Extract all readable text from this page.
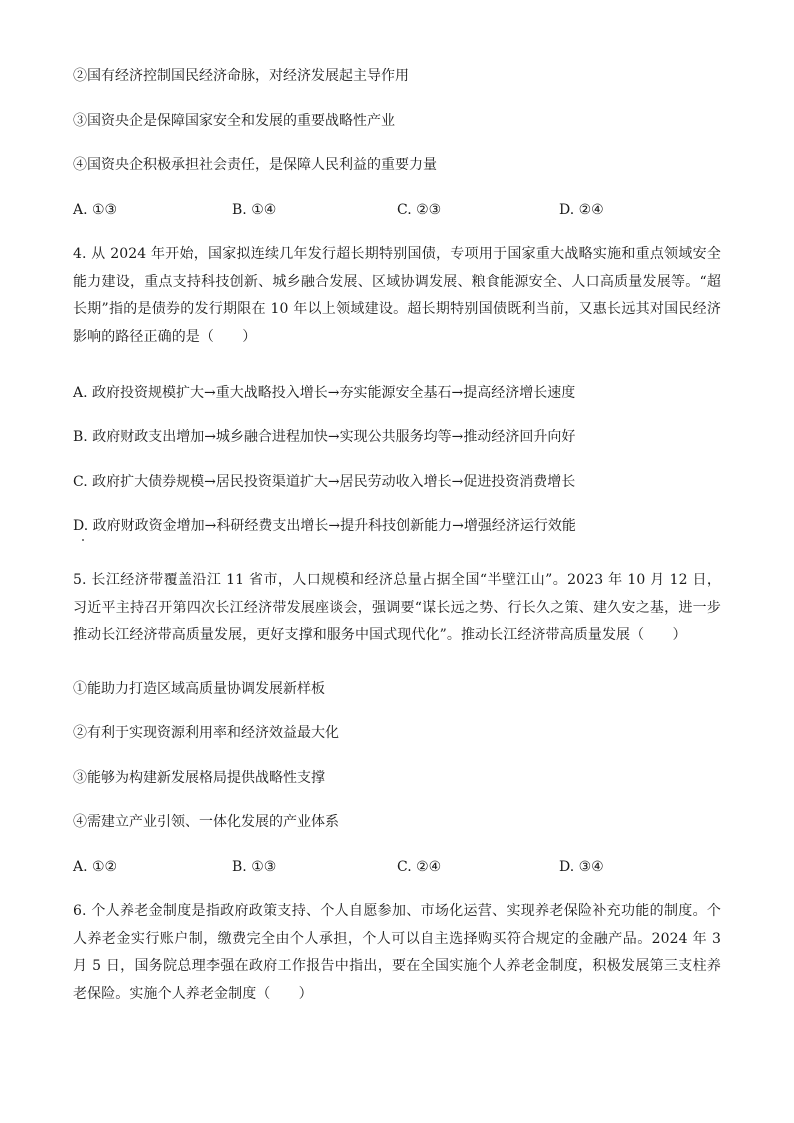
②国有经济控制国民经济命脉，对经济发展起主导作用
③国资央企是保障国家安全和发展的重要战略性产业
④国资央企积极承担社会责任，是保障人民利益的重要力量
A. ①③	B. ①④	C. ②③	D. ②④
4. 从 2024 年开始，国家拟连续几年发行超长期特别国债，专项用于国家重大战略实施和重点领域安全能力建设，重点支持科技创新、城乡融合发展、区域协调发展、粮食能源安全、人口高质量发展等。“超长期”指的是债券的发行期限在 10 年以上领域建设。超长期特别国债既利当前，又惠长远其对国民经济影响的路径正确的是（　　）
A. 政府投资规模扩大→重大战略投入增长→夯实能源安全基石→提高经济增长速度
B. 政府财政支出增加→城乡融合进程加快→实现公共服务均等→推动经济回升向好
C. 政府扩大债券规模→居民投资渠道扩大→居民劳动收入增长→促进投资消费增长
D. 政府财政资金增加→科研经费支出增长→提升科技创新能力→增强经济运行效能
5. 长江经济带覆盖沿江 11 省市，人口规模和经济总量占据全国“半壁江山”。2023 年 10 月 12 日，习近平主持召开第四次长江经济带发展座谈会，强调要“谋长远之势、行长久之策、建久安之基，进一步推动长江经济带高质量发展，更好支撑和服务中国式现代化”。推动长江经济带高质量发展（　　）
①能助力打造区域高质量协调发展新样板
②有利于实现资源利用率和经济效益最大化
③能够为构建新发展格局提供战略性支撑
④需建立产业引领、一体化发展的产业体系
A. ①②	B. ①③	C. ②④	D. ③④
6. 个人养老金制度是指政府政策支持、个人自愿参加、市场化运营、实现养老保险补充功能的制度。个人养老金实行账户制，缴费完全由个人承担，个人可以自主选择购买符合规定的金融产品。2024 年 3 月 5 日，国务院总理李强在政府工作报告中指出，要在全国实施个人养老金制度，积极发展第三支柱养老保险。实施个人养老金制度（　　）
